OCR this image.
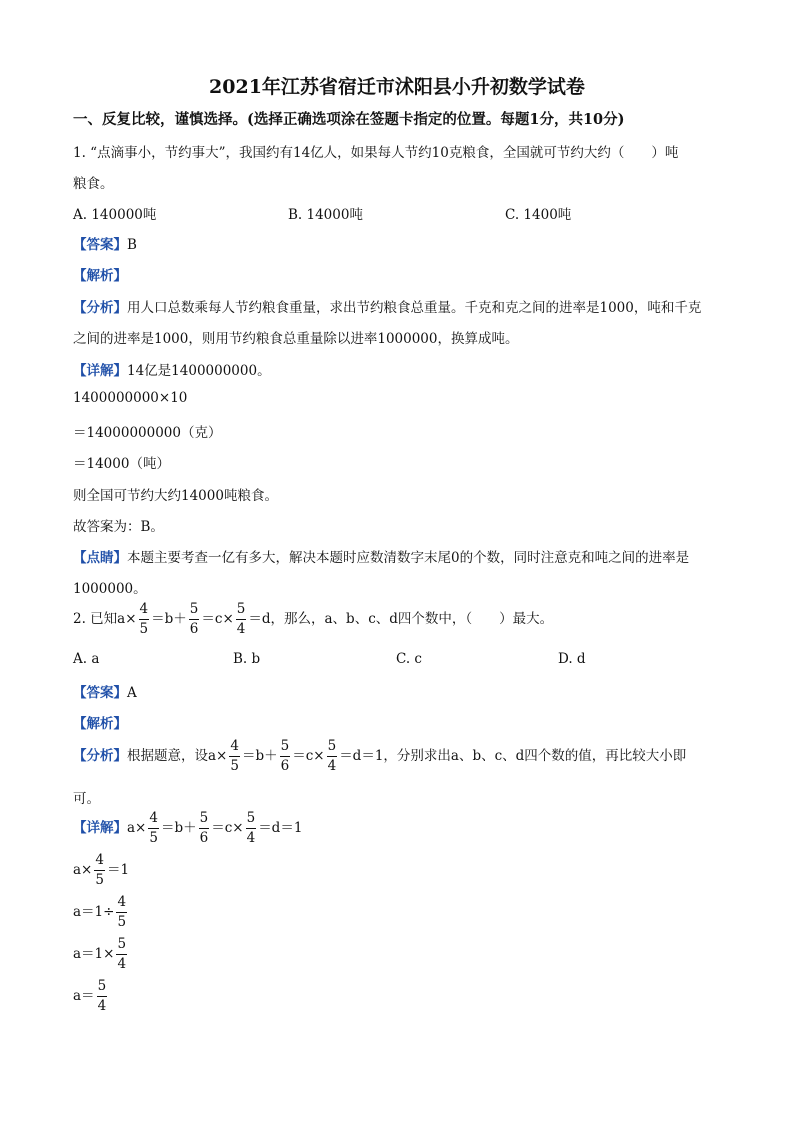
2021年江苏省宿迁市沭阳县小升初数学试卷
一、反复比较，谨慎选择。(选择正确选项涂在签题卡指定的位置。每题1分，共10分)
1. “点滴事小，节约事大”，我国约有14亿人，如果每人节约10克粮食，全国就可节约大约（　　）吨
粮食。
A. 140000吨	B. 14000吨	C. 1400吨
【答案】B
【解析】
【分析】用人口总数乘每人节约粮食重量，求出节约粮食总重量。千克和克之间的进率是1000，吨和千克
之间的进率是1000，则用节约粮食总重量除以进率1000000，换算成吨。
【详解】14亿是1400000000。
1400000000×10
＝14000000000（克）
＝14000（吨）
则全国可节约大约14000吨粮食。
故答案为：B。
【点睛】本题主要考查一亿有多大，解决本题时应数清数字末尾0的个数，同时注意克和吨之间的进率是
1000000。
2. 已知$a\times \frac{4}{5} =b+ \frac{5}{6} =c\times \frac{5}{4} =d$，那么，a、b、c、d四个数中，（　　）最大。
A. a	B. b	C. c	D. d
【答案】A
【解析】
【分析】根据题意，设$a\times \frac{4}{5} =b+ \frac{5}{6} =c\times \frac{5}{4} =d=1$，分别求出a、b、c、d四个数的值，再比较大小即
可。
【详解】$a\times \frac{4}{5} =b+ \frac{5}{6} =c\times \frac{5}{4} =d=1$
$a\times \frac{4}{5} =1$
$a=1\div \frac{4}{5}$
$a=1\times \frac{5}{4}$
$a= \frac{5}{4}$
